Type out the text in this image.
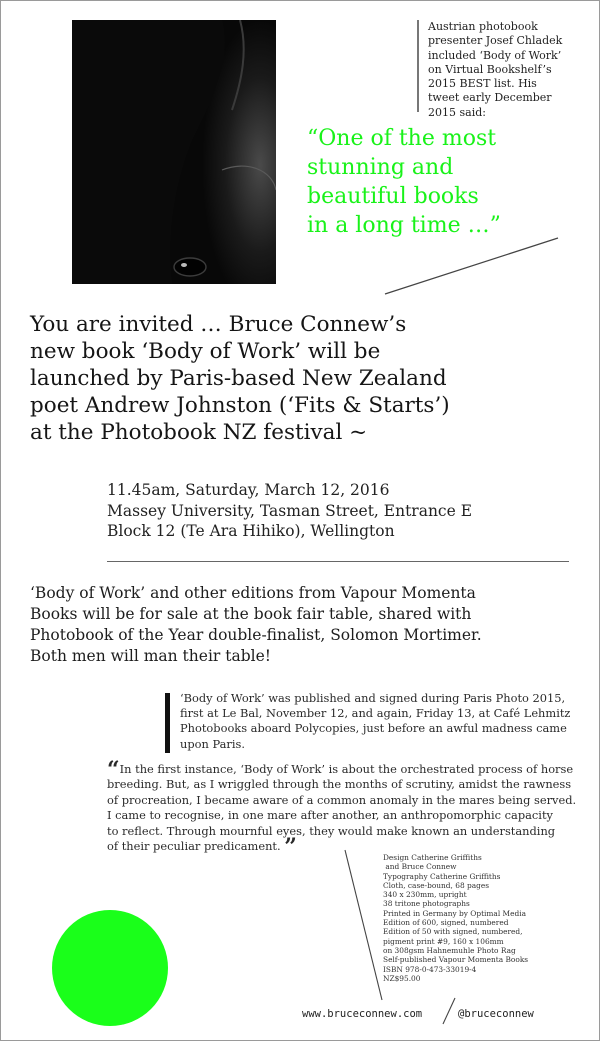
Austrian photobook
presenter Josef Chladek
included ‘Body of Work’
on Virtual Bookshelf’s
2015 BEST list. His
tweet early December
2015 said:
“One of the most
stunning and
beautiful books
in a long time …”
You are invited … Bruce Connew’s
new book ‘Body of Work’ will be
launched by Paris-based New Zealand
poet Andrew Johnston (‘Fits & Starts’)
at the Photobook NZ festival ~
11.45am, Saturday, March 12, 2016
Massey University, Tasman Street, Entrance E
Block 12 (Te Ara Hihiko), Wellington
‘Body of Work’ and other editions from Vapour Momenta
Books will be for sale at the book fair table, shared with
Photobook of the Year double-finalist, Solomon Mortimer.
Both men will man their table!
‘Body of Work’ was published and signed during Paris Photo 2015,
first at Le Bal, November 12, and again, Friday 13, at Café Lehmitz
Photobooks aboard Polycopies, just before an awful madness came
upon Paris.
“In the first instance, ‘Body of Work’ is about the orchestrated process of horse
breeding. But, as I wriggled through the months of scrutiny, amidst the rawness
of procreation, I became aware of a common anomaly in the mares being served.
I came to recognise, in one mare after another, an anthropomorphic capacity
to reflect. Through mournful eyes, they would make known an understanding
of their peculiar predicament. ”	Design Catherine Griffiths
and Bruce Connew
Typography Catherine Griffiths
Cloth, case-bound, 68 pages
340 x 230mm, upright
38 tritone photographs
Printed in Germany by Optimal Media
Edition of 600, signed, numbered
Edition of 50 with signed, numbered,
pigment print #9, 160 x 106mm
on 308gsm Hahnemuhle Photo Rag
Self-published Vapour Momenta Books
ISBN 978-0-473-33019-4
NZ$95.00
www.bruceconnew.com	@bruceconnew
